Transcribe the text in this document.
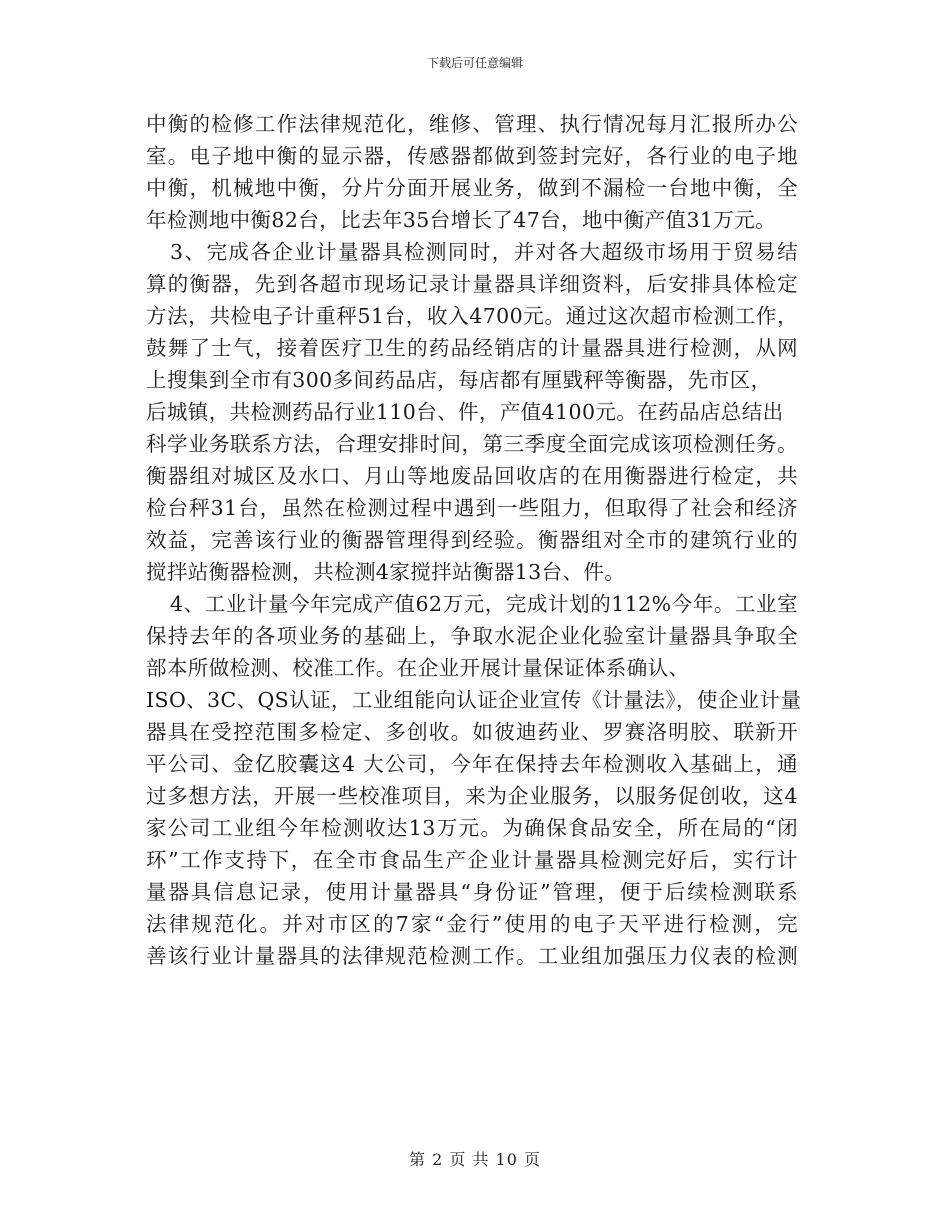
下载后可任意编辑
中衡的检修工作法律规范化，维修、管理、执行情况每月汇报所办公
室。电子地中衡的显示器，传感器都做到签封完好，各行业的电子地
中衡，机械地中衡，分片分面开展业务，做到不漏检一台地中衡，全
年检测地中衡82台，比去年35台增长了47台，地中衡产值31万元。
3、完成各企业计量器具检测同时，并对各大超级市场用于贸易结
算的衡器，先到各超市现场记录计量器具详细资料，后安排具体检定
方法，共检电子计重秤51台，收入4700元。通过这次超市检测工作，
鼓舞了士气，接着医疗卫生的药品经销店的计量器具进行检测，从网
上搜集到全市有300多间药品店，每店都有厘戥秤等衡器，先市区，
后城镇，共检测药品行业110台、件，产值4100元。在药品店总结出
科学业务联系方法，合理安排时间，第三季度全面完成该项检测任务。
衡器组对城区及水口、月山等地废品回收店的在用衡器进行检定，共
检台秤31台，虽然在检测过程中遇到一些阻力，但取得了社会和经济
效益，完善该行业的衡器管理得到经验。衡器组对全市的建筑行业的
搅拌站衡器检测，共检测4家搅拌站衡器13台、件。
4、工业计量今年完成产值62万元，完成计划的112%今年。工业室
保持去年的各项业务的基础上，争取水泥企业化验室计量器具争取全
部本所做检测、校准工作。在企业开展计量保证体系确认、
ISO、3C、QS认证，工业组能向认证企业宣传《计量法》，使企业计量
器具在受控范围多检定、多创收。如彼迪药业、罗赛洛明胶、联新开
平公司、金亿胶囊这4 大公司，今年在保持去年检测收入基础上，通
过多想方法，开展一些校准项目，来为企业服务，以服务促创收，这4
家公司工业组今年检测收达13万元。为确保食品安全，所在局的“闭
环”工作支持下，在全市食品生产企业计量器具检测完好后，实行计
量器具信息记录，使用计量器具“身份证”管理，便于后续检测联系
法律规范化。并对市区的7家“金行”使用的电子天平进行检测，完
善该行业计量器具的法律规范检测工作。工业组加强压力仪表的检测
第 2 页 共 10 页
